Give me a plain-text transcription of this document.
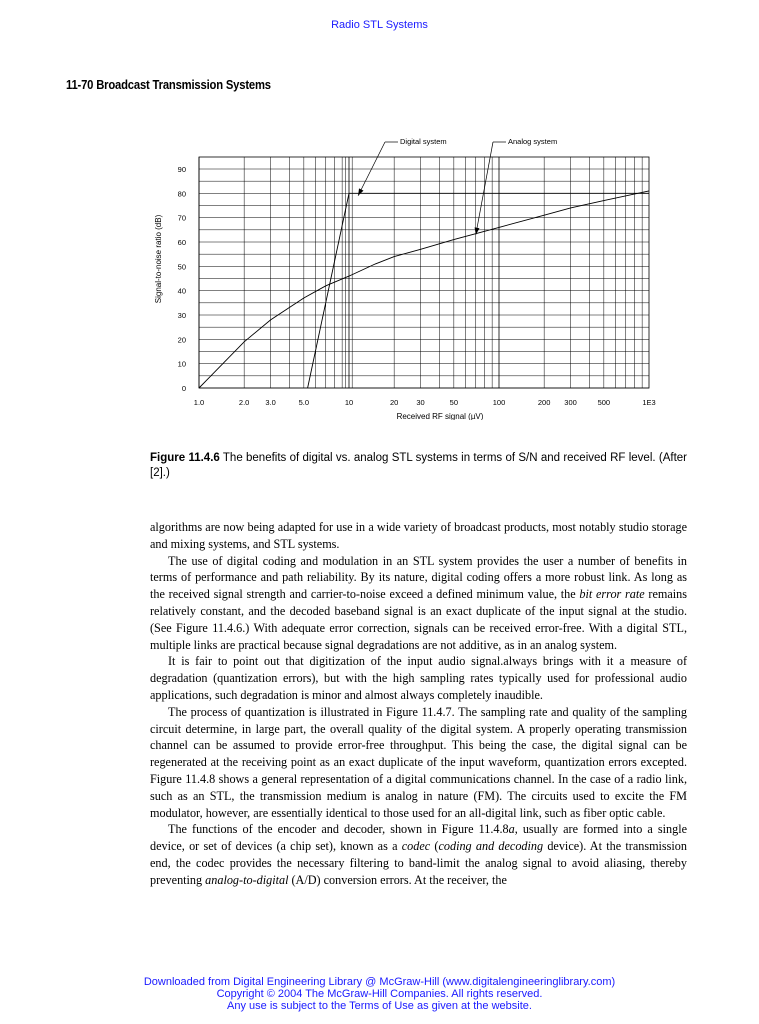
Radio STL Systems
11-70 Broadcast Transmission Systems
Digital system	Analog system
0
10
20
30
40
50
60
70
80
90
1.0	2.0 3.0	5.0	10	20 30	50	100	200 300	500	1E3
Received RF signal (µV)
Signal-to-noise ratio (dB)
Figure 11.4.6 The benefits of digital vs. analog STL systems in terms of S/N and received RF level. (After [2].)

algorithms are now being adapted for use in a wide variety of broadcast products, most notably studio storage and mixing systems, and STL systems.

The use of digital coding and modulation in an STL system provides the user a number of benefits in terms of performance and path reliability. By its nature, digital coding offers a more robust link. As long as the received signal strength and carrier-to-noise exceed a defined minimum value, the bit error rate remains relatively constant, and the decoded baseband signal is an exact duplicate of the input signal at the studio. (See Figure 11.4.6.) With adequate error correction, signals can be received error-free. With a digital STL, multiple links are practical because signal degradations are not additive, as in an analog system.

It is fair to point out that digitization of the input audio signal.always brings with it a measure of degradation (quantization errors), but with the high sampling rates typically used for professional audio applications, such degradation is minor and almost always completely inaudible.

The process of quantization is illustrated in Figure 11.4.7. The sampling rate and quality of the sampling circuit determine, in large part, the overall quality of the digital system. A properly operating transmission channel can be assumed to provide error-free throughput. This being the case, the digital signal can be regenerated at the receiving point as an exact duplicate of the input waveform, quantization errors excepted. Figure 11.4.8 shows a general representation of a digital communications channel. In the case of a radio link, such as an STL, the transmission medium is analog in nature (FM). The circuits used to excite the FM modulator, however, are essentially identical to those used for an all-digital link, such as fiber optic cable.

The functions of the encoder and decoder, shown in Figure 11.4.8a, usually are formed into a single device, or set of devices (a chip set), known as a codec (coding and decoding device). At the transmission end, the codec provides the necessary filtering to band-limit the analog signal to avoid aliasing, thereby preventing analog-to-digital (A/D) conversion errors. At the receiver, the

Downloaded from Digital Engineering Library @ McGraw-Hill (www.digitalengineeringlibrary.com)
Copyright © 2004 The McGraw-Hill Companies. All rights reserved.
Any use is subject to the Terms of Use as given at the website.
